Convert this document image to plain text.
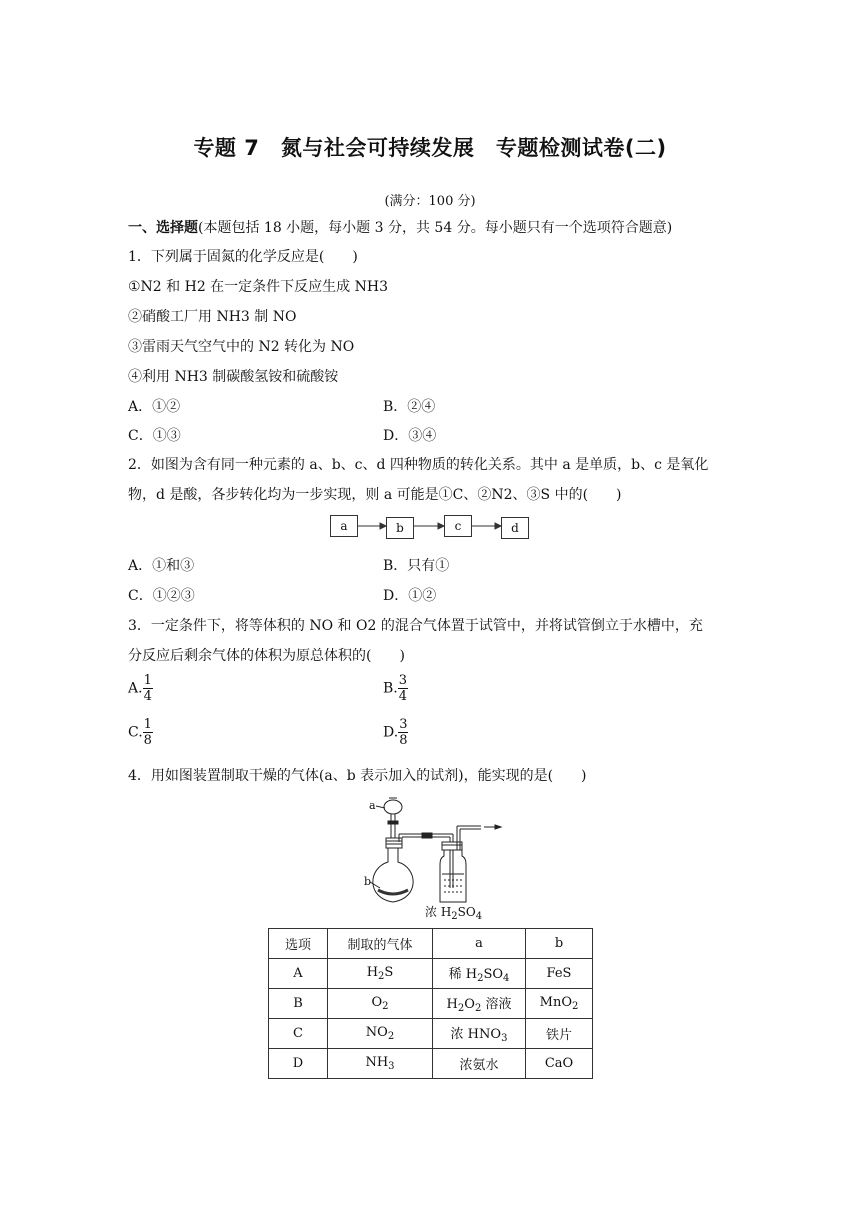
专题 7　氮与社会可持续发展　专题检测试卷(二)
(满分：100 分)
一、选择题(本题包括 18 小题，每小题 3 分，共 54 分。每小题只有一个选项符合题意)
1．下列属于固氮的化学反应是(　　)
①N2 和 H2 在一定条件下反应生成 NH3
②硝酸工厂用 NH3 制 NO
③雷雨天气空气中的 N2 转化为 NO
④利用 NH3 制碳酸氢铵和硫酸铵
A．①②	B．②④
C．①③	D．③④
2．如图为含有同一种元素的 a、b、c、d 四种物质的转化关系。其中 a 是单质，b、c 是氧化
物，d 是酸，各步转化均为一步实现，则 a 可能是①C、②N2、③S 中的(　　)
a	b	c	d
A．①和③	B．只有①
C．①②③	D．①②
3．一定条件下，将等体积的 NO 和 O2 的混合气体置于试管中，并将试管倒立于水槽中，充
分反应后剩余气体的体积为原总体积的(　　)
A. $\frac{1}{4}$	B. $\frac{3}{4}$
C. $\frac{1}{8}$	D. $\frac{3}{8}$
4．用如图装置制取干燥的气体(a、b 表示加入的试剂)，能实现的是(　　)
a
b
浓 $H_2SO_4$
选项	制取的气体	a	b
A	$H_2S$	稀 $H_2SO_4$	FeS
B	$O_2$	$H_2O_2$ 溶液	MnO$_2$
C	$NO_2$	浓 $HNO_3$	铁片
D	$NH_3$	浓氨水	CaO
